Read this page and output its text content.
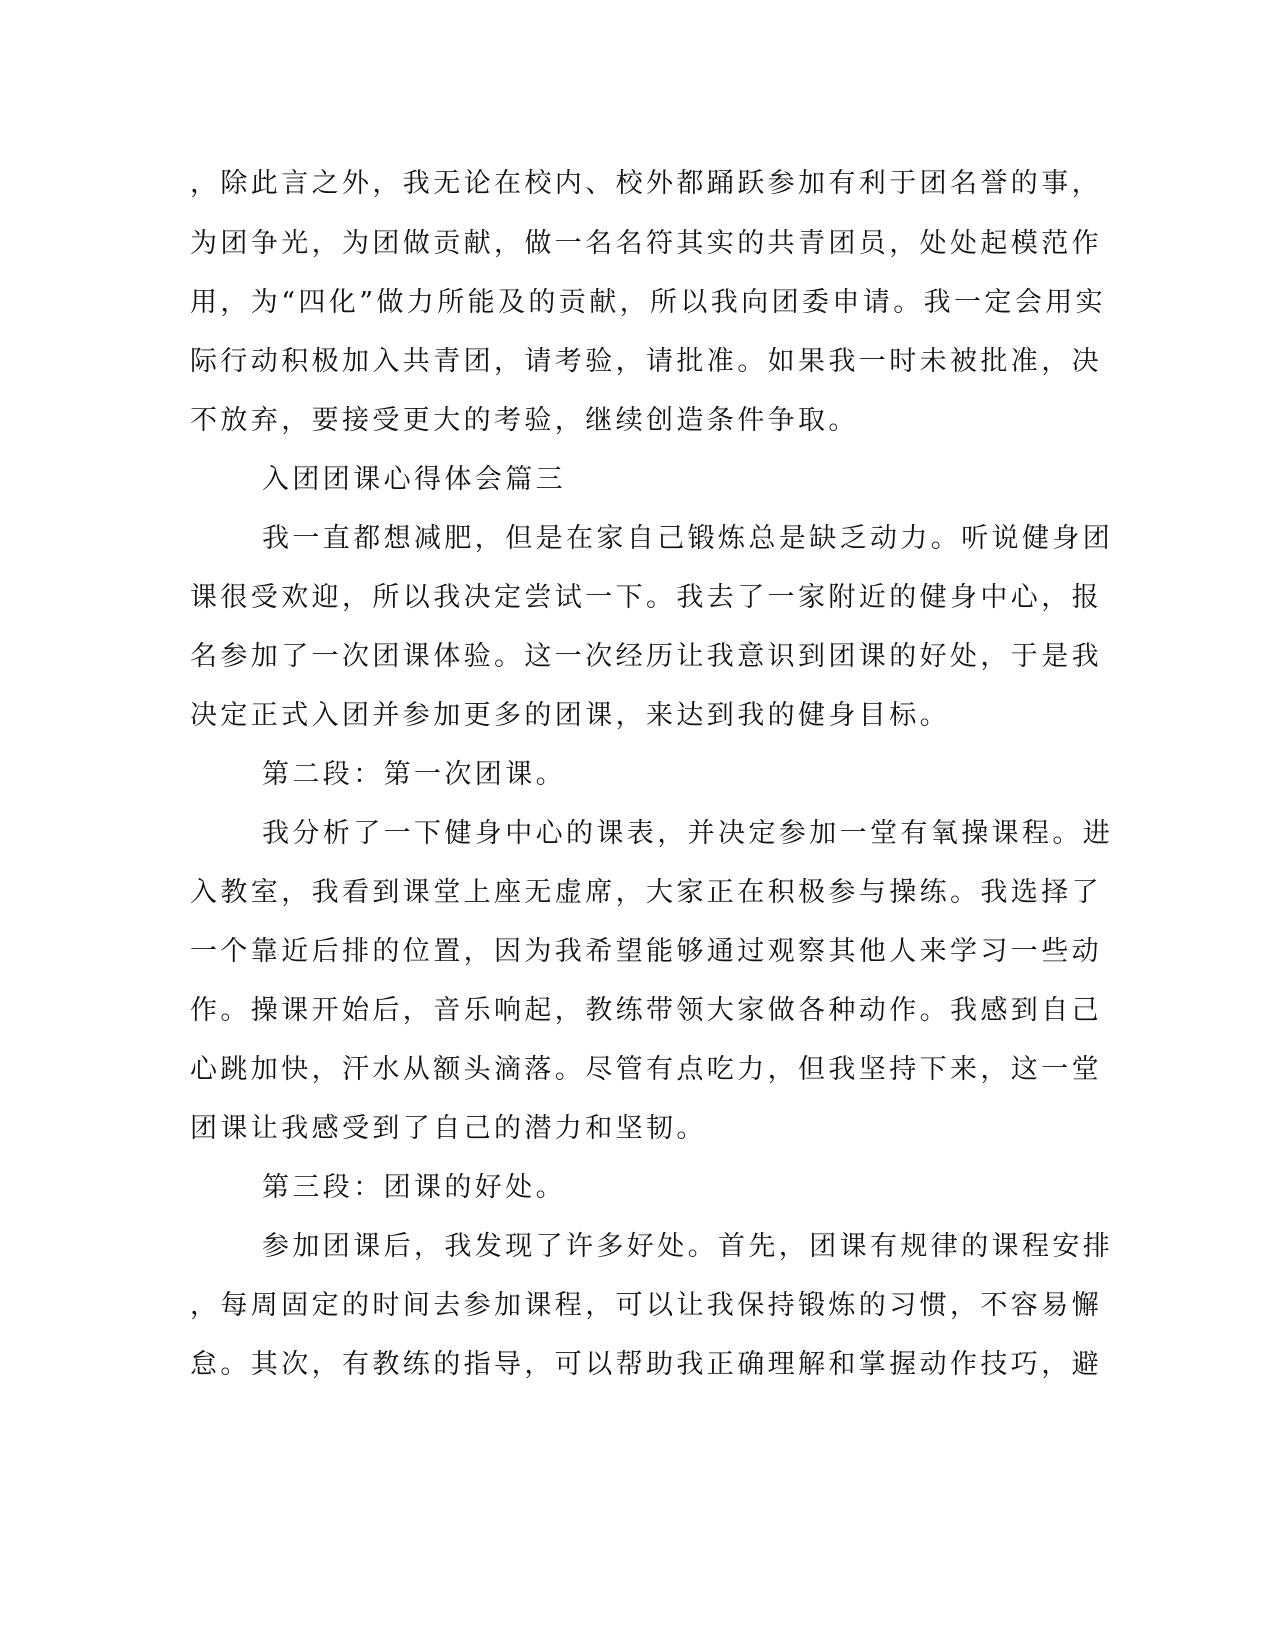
，除此言之外，我无论在校内、校外都踊跃参加有利于团名誉的事，
为团争光，为团做贡献，做一名名符其实的共青团员，处处起模范作
用，为“四化”做力所能及的贡献，所以我向团委申请。我一定会用实
际行动积极加入共青团，请考验，请批准。如果我一时未被批准，决
不放弃，要接受更大的考验，继续创造条件争取。
入团团课心得体会篇三
我一直都想减肥，但是在家自己锻炼总是缺乏动力。听说健身团
课很受欢迎，所以我决定尝试一下。我去了一家附近的健身中心，报
名参加了一次团课体验。这一次经历让我意识到团课的好处，于是我
决定正式入团并参加更多的团课，来达到我的健身目标。
第二段：第一次团课。
我分析了一下健身中心的课表，并决定参加一堂有氧操课程。进
入教室，我看到课堂上座无虚席，大家正在积极参与操练。我选择了
一个靠近后排的位置，因为我希望能够通过观察其他人来学习一些动
作。操课开始后，音乐响起，教练带领大家做各种动作。我感到自己
心跳加快，汗水从额头滴落。尽管有点吃力，但我坚持下来，这一堂
团课让我感受到了自己的潜力和坚韧。
第三段：团课的好处。
参加团课后，我发现了许多好处。首先，团课有规律的课程安排
，每周固定的时间去参加课程，可以让我保持锻炼的习惯，不容易懈
怠。其次，有教练的指导，可以帮助我正确理解和掌握动作技巧，避
